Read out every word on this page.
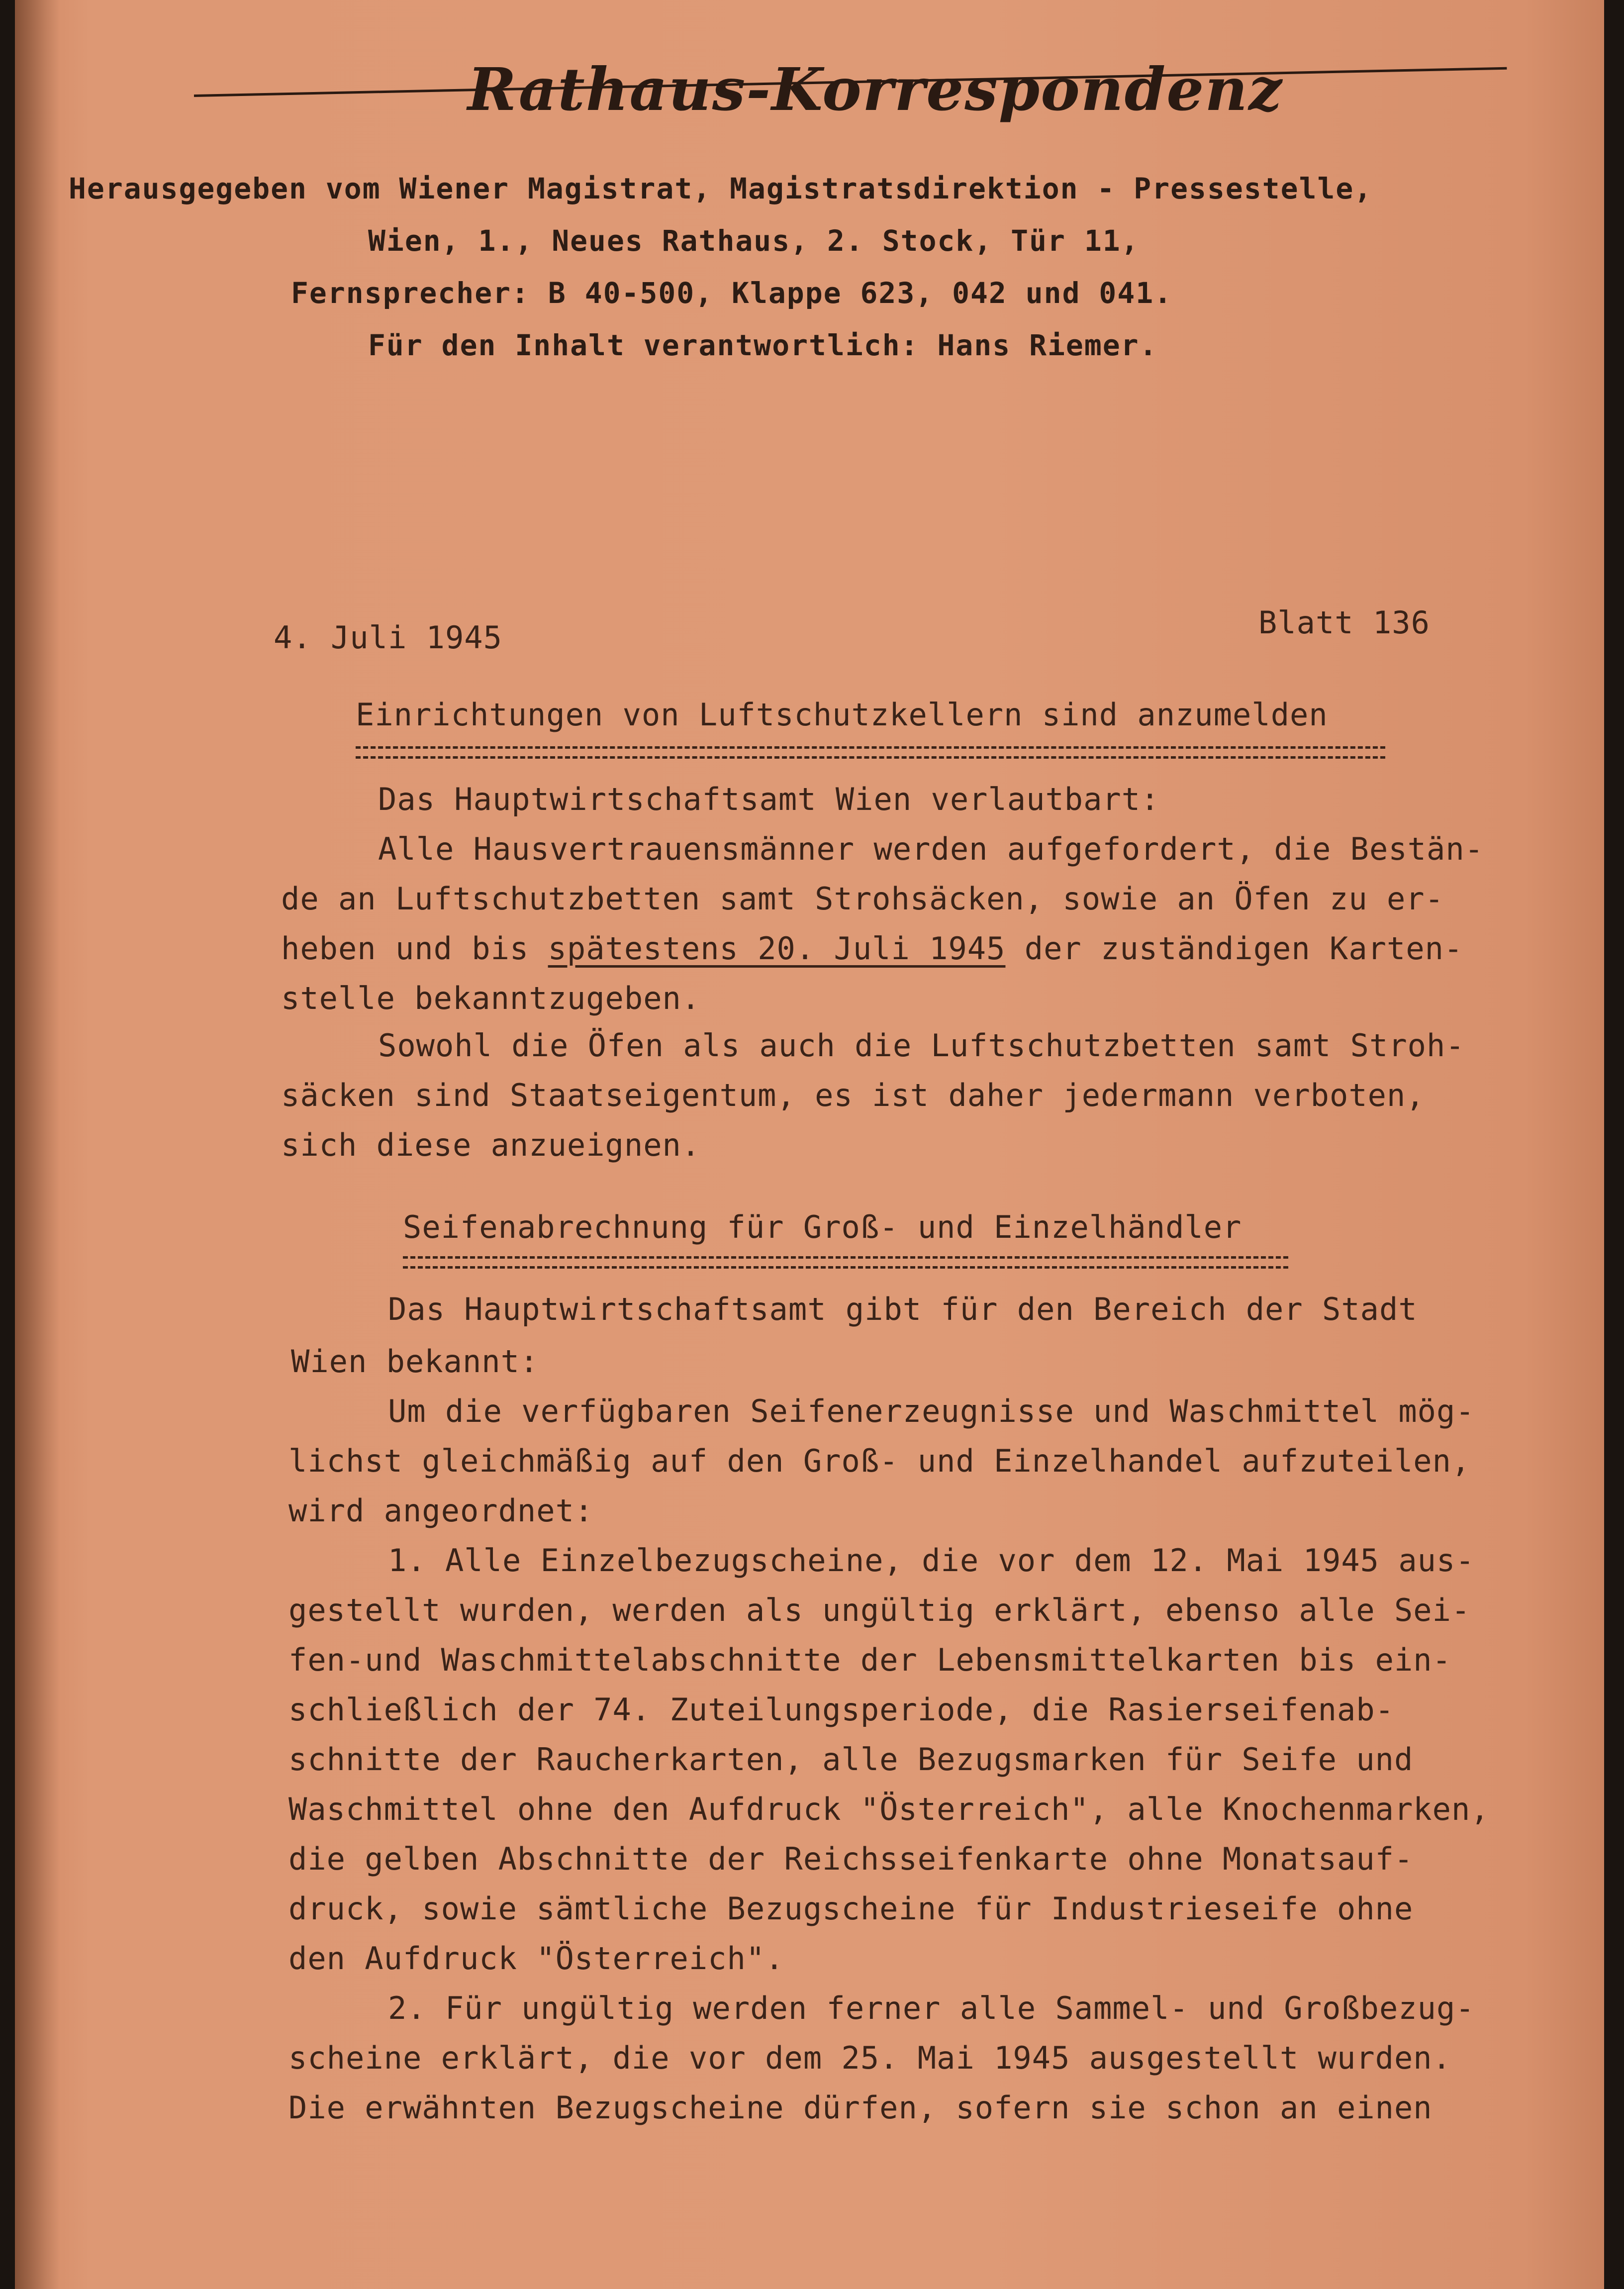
Rathaus-Korrespondenz
Herausgegeben vom Wiener Magistrat, Magistratsdirektion - Pressestelle,
Wien, 1., Neues Rathaus, 2. Stock, Tür 11,
Fernsprecher: B 40-500, Klappe 623, 042 und 041.
Für den Inhalt verantwortlich: Hans Riemer.
4. Juli 1945	Blatt 136
Einrichtungen von Luftschutzkellern sind anzumelden
Das Hauptwirtschaftsamt Wien verlautbart:
Alle Hausvertrauensmänner werden aufgefordert, die Bestän-
de an Luftschutzbetten samt Strohsäcken, sowie an Öfen zu er-
heben und bis spätestens 20. Juli 1945 der zuständigen Karten-
stelle bekanntzugeben.
Sowohl die Öfen als auch die Luftschutzbetten samt Stroh-
säcken sind Staatseigentum, es ist daher jedermann verboten,
sich diese anzueignen.
Seifenabrechnung für Groß- und Einzelhändler
Das Hauptwirtschaftsamt gibt für den Bereich der Stadt
Wien bekannt:
Um die verfügbaren Seifenerzeugnisse und Waschmittel mög-
lichst gleichmäßig auf den Groß- und Einzelhandel aufzuteilen,
wird angeordnet:
1. Alle Einzelbezugscheine, die vor dem 12. Mai 1945 aus-
gestellt wurden, werden als ungültig erklärt, ebenso alle Sei-
fen-und Waschmittelabschnitte der Lebensmittelkarten bis ein-
schließlich der 74. Zuteilungsperiode, die Rasierseifenab-
schnitte der Raucherkarten, alle Bezugsmarken für Seife und
Waschmittel ohne den Aufdruck "Österreich", alle Knochenmarken,
die gelben Abschnitte der Reichsseifenkarte ohne Monatsauf-
druck, sowie sämtliche Bezugscheine für Industrieseife ohne
den Aufdruck "Österreich".
2. Für ungültig werden ferner alle Sammel- und Großbezug-
scheine erklärt, die vor dem 25. Mai 1945 ausgestellt wurden.
Die erwähnten Bezugscheine dürfen, sofern sie schon an einen
